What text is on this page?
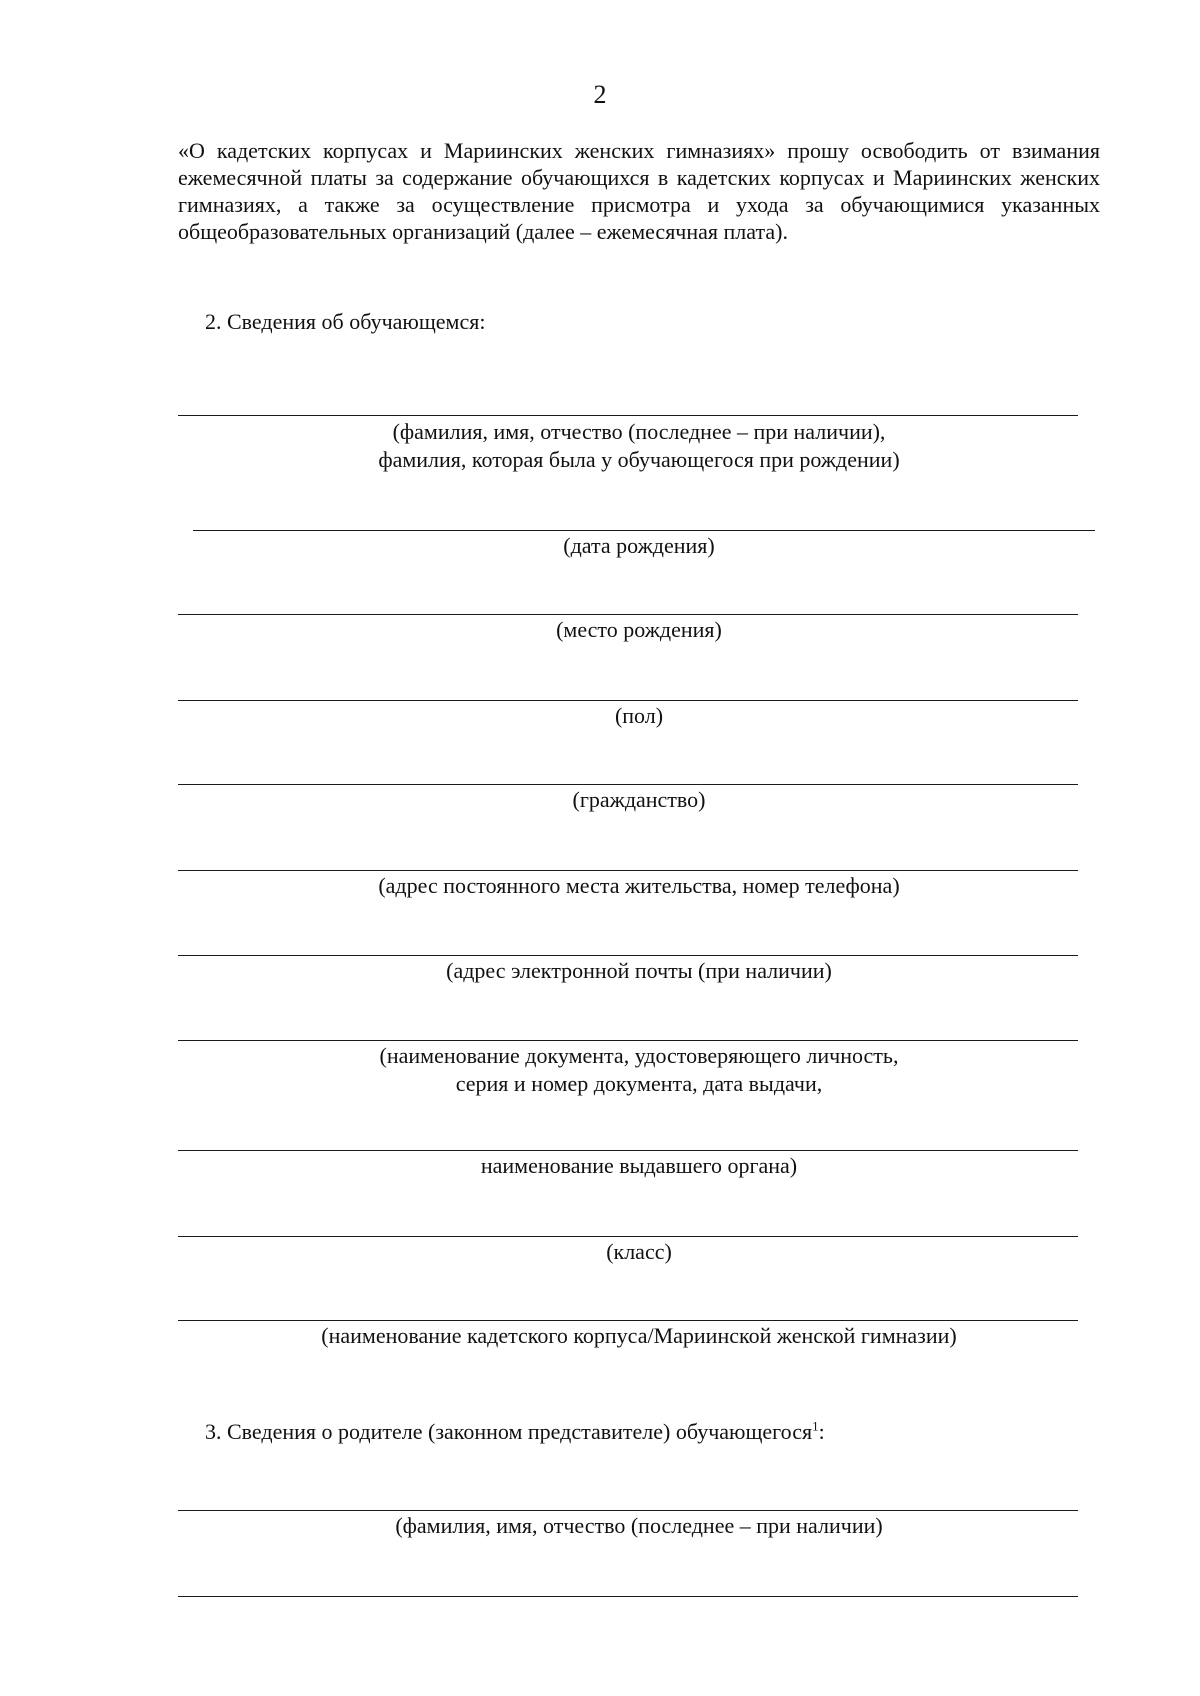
2

«О кадетских корпусах и Мариинских женских гимназиях» прошу освободить от взимания ежемесячной платы за содержание обучающихся в кадетских корпусах и Мариинских женских гимназиях, а также за осуществление присмотра и ухода за обучающимися указанных общеобразовательных организаций (далее – ежемесячная плата).

2. Сведения об обучающемся:
(фамилия, имя, отчество (последнее – при наличии),
фамилия, которая была у обучающегося при рождении)
(дата рождения)
(место рождения)
(пол)
(гражданство)
(адрес постоянного места жительства, номер телефона)
(адрес электронной почты (при наличии)
(наименование документа, удостоверяющего личность,
серия и номер документа, дата выдачи,
наименование выдавшего органа)
(класс)
(наименование кадетского корпуса/Мариинской женской гимназии)
3. Сведения о родителе (законном представителе) обучающегося$^1$:
(фамилия, имя, отчество (последнее – при наличии)
